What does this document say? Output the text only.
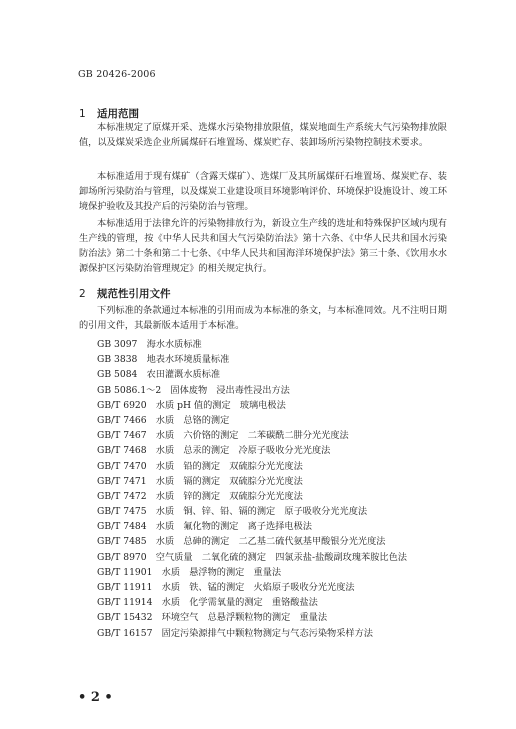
GB 20426-2006
1 适用范围

本标准规定了原煤开采、选煤水污染物排放限值，煤炭地面生产系统大气污染物排放限值，以及煤炭采选企业所属煤矸石堆置场、煤炭贮存、装卸场所污染物控制技术要求。

本标准适用于现有煤矿（含露天煤矿）、选煤厂及其所属煤矸石堆置场、煤炭贮存、装卸场所污染防治与管理，以及煤炭工业建设项目环境影响评价、环境保护设施设计、竣工环境保护验收及其投产后的污染防治与管理。

本标准适用于法律允许的污染物排放行为，新设立生产线的选址和特殊保护区域内现有生产线的管理，按《中华人民共和国大气污染防治法》第十六条、《中华人民共和国水污染防治法》第二十条和第二十七条、《中华人民共和国海洋环境保护法》第三十条、《饮用水水源保护区污染防治管理规定》的相关规定执行。

2 规范性引用文件

下列标准的条款通过本标准的引用而成为本标准的条文，与本标准同效。凡不注明日期的引用文件，其最新版本适用于本标准。

GB 3097　海水水质标准
GB 3838　地表水环境质量标准
GB 5084　农田灌溉水质标准
GB 5086.1～2　固体废物　浸出毒性浸出方法
GB/T 6920　水质 pH 值的测定　玻璃电极法
GB/T 7466　水质　总铬的测定
GB/T 7467　水质　六价铬的测定　二苯碳酰二肼分光光度法
GB/T 7468　水质　总汞的测定　冷原子吸收分光光度法
GB/T 7470　水质　铅的测定　双硫腙分光光度法
GB/T 7471　水质　镉的测定　双硫腙分光光度法
GB/T 7472　水质　锌的测定　双硫腙分光光度法
GB/T 7475　水质　铜、锌、铅、镉的测定　原子吸收分光光度法
GB/T 7484　水质　氟化物的测定　离子选择电极法
GB/T 7485　水质　总砷的测定　二乙基二硫代氨基甲酸银分光光度法
GB/T 8970　空气质量　二氧化硫的测定　四氯汞盐-盐酸副玫瑰苯胺比色法
GB/T 11901　水质　悬浮物的测定　重量法
GB/T 11911　水质　铁、锰的测定　火焰原子吸收分光光度法
GB/T 11914　水质　化学需氧量的测定　重铬酸盐法
GB/T 15432　环境空气　总悬浮颗粒物的测定　重量法
GB/T 16157　固定污染源排气中颗粒物测定与气态污染物采样方法
• 2 •
